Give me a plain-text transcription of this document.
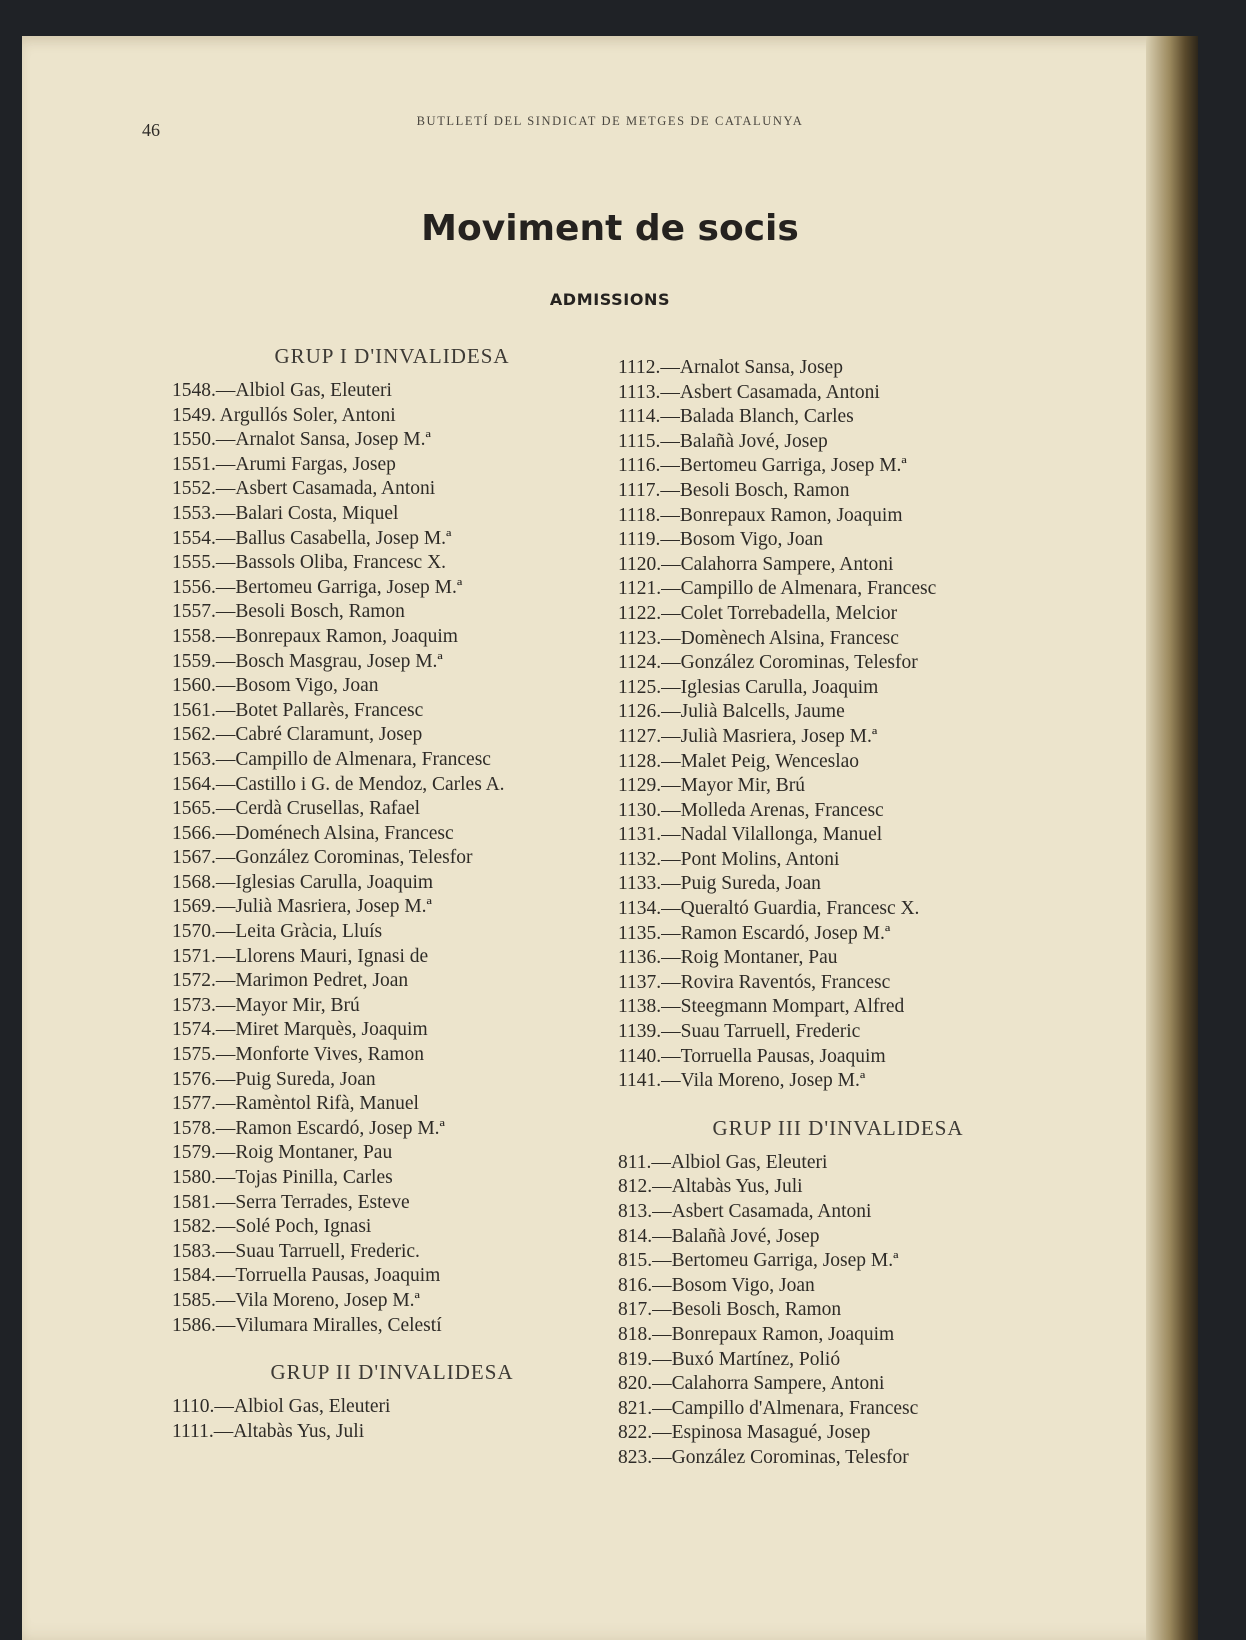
46	BUTLLETÍ DEL SINDICAT DE METGES DE CATALUNYA
Moviment de socis
ADMISSIONS
GRUP I D'INVALIDESA
1548.—Albiol Gas, Eleuteri
1549. Argullós Soler, Antoni
1550.—Arnalot Sansa, Josep M.ª
1551.—Arumi Fargas, Josep
1552.—Asbert Casamada, Antoni
1553.—Balari Costa, Miquel
1554.—Ballus Casabella, Josep M.ª
1555.—Bassols Oliba, Francesc X.
1556.—Bertomeu Garriga, Josep M.ª
1557.—Besoli Bosch, Ramon
1558.—Bonrepaux Ramon, Joaquim
1559.—Bosch Masgrau, Josep M.ª
1560.—Bosom Vigo, Joan
1561.—Botet Pallarès, Francesc
1562.—Cabré Claramunt, Josep
1563.—Campillo de Almenara, Francesc
1564.—Castillo i G. de Mendoz, Carles A.
1565.—Cerdà Crusellas, Rafael
1566.—Doménech Alsina, Francesc
1567.—González Corominas, Telesfor
1568.—Iglesias Carulla, Joaquim
1569.—Julià Masriera, Josep M.ª
1570.—Leita Gràcia, Lluís
1571.—Llorens Mauri, Ignasi de
1572.—Marimon Pedret, Joan
1573.—Mayor Mir, Brú
1574.—Miret Marquès, Joaquim
1575.—Monforte Vives, Ramon
1576.—Puig Sureda, Joan
1577.—Ramèntol Rifà, Manuel
1578.—Ramon Escardó, Josep M.ª
1579.—Roig Montaner, Pau
1580.—Tojas Pinilla, Carles
1581.—Serra Terrades, Esteve
1582.—Solé Poch, Ignasi
1583.—Suau Tarruell, Frederic.
1584.—Torruella Pausas, Joaquim
1585.—Vila Moreno, Josep M.ª
1586.—Vilumara Miralles, Celestí
GRUP II D'INVALIDESA
1110.—Albiol Gas, Eleuteri
1111.—Altabàs Yus, Juli
1112.—Arnalot Sansa, Josep
1113.—Asbert Casamada, Antoni
1114.—Balada Blanch, Carles
1115.—Balañà Jové, Josep
1116.—Bertomeu Garriga, Josep M.ª
1117.—Besoli Bosch, Ramon
1118.—Bonrepaux Ramon, Joaquim
1119.—Bosom Vigo, Joan
1120.—Calahorra Sampere, Antoni
1121.—Campillo de Almenara, Francesc
1122.—Colet Torrebadella, Melcior
1123.—Domènech Alsina, Francesc
1124.—González Corominas, Telesfor
1125.—Iglesias Carulla, Joaquim
1126.—Julià Balcells, Jaume
1127.—Julià Masriera, Josep M.ª
1128.—Malet Peig, Wenceslao
1129.—Mayor Mir, Brú
1130.—Molleda Arenas, Francesc
1131.—Nadal Vilallonga, Manuel
1132.—Pont Molins, Antoni
1133.—Puig Sureda, Joan
1134.—Queraltó Guardia, Francesc X.
1135.—Ramon Escardó, Josep M.ª
1136.—Roig Montaner, Pau
1137.—Rovira Raventós, Francesc
1138.—Steegmann Mompart, Alfred
1139.—Suau Tarruell, Frederic
1140.—Torruella Pausas, Joaquim
1141.—Vila Moreno, Josep M.ª
GRUP III D'INVALIDESA
811.—Albiol Gas, Eleuteri
812.—Altabàs Yus, Juli
813.—Asbert Casamada, Antoni
814.—Balañà Jové, Josep
815.—Bertomeu Garriga, Josep M.ª
816.—Bosom Vigo, Joan
817.—Besoli Bosch, Ramon
818.—Bonrepaux Ramon, Joaquim
819.—Buxó Martínez, Polió
820.—Calahorra Sampere, Antoni
821.—Campillo d'Almenara, Francesc
822.—Espinosa Masagué, Josep
823.—González Corominas, Telesfor
